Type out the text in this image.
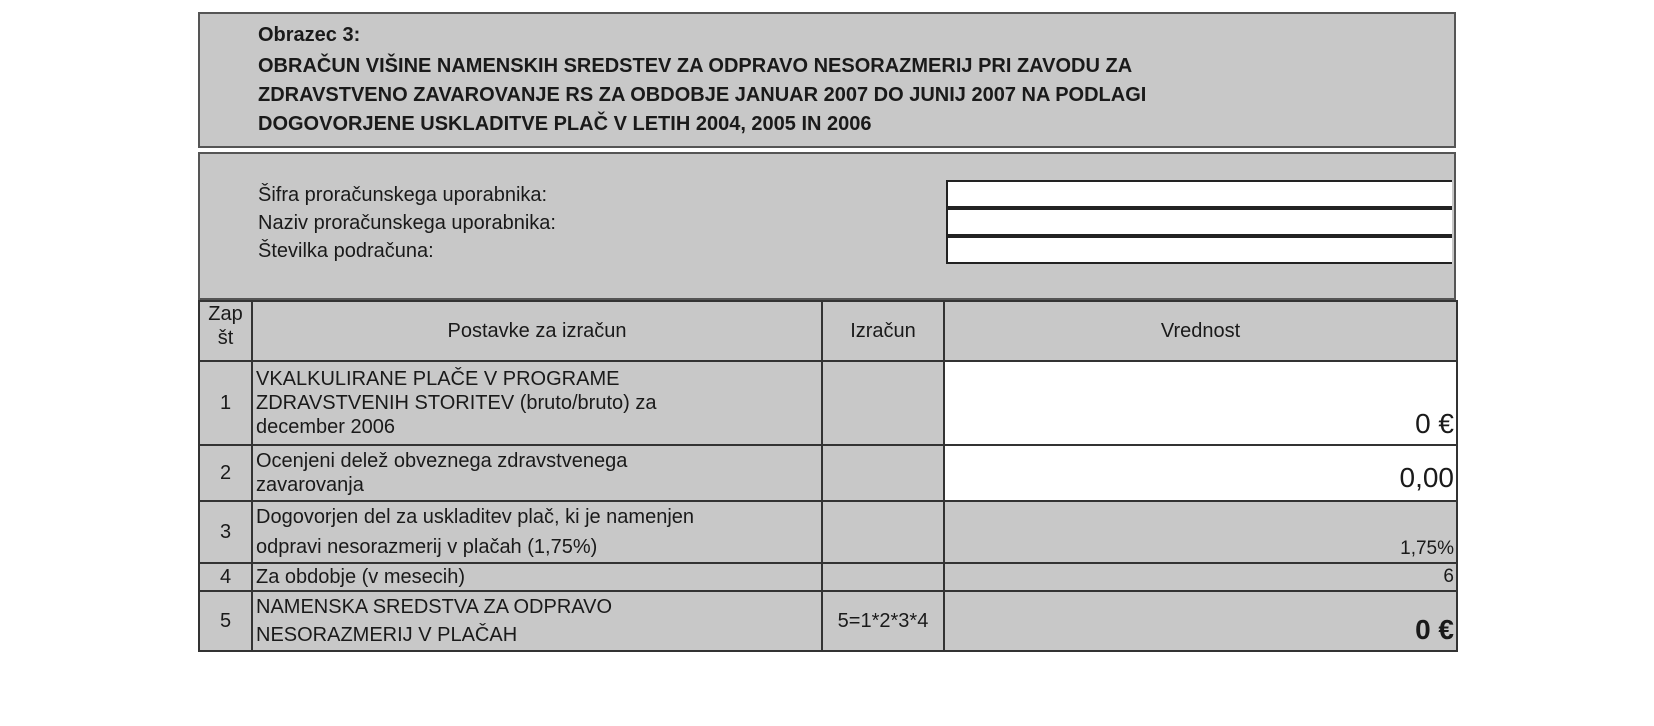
Obrazec 3:
OBRAČUN VIŠINE NAMENSKIH SREDSTEV ZA ODPRAVO NESORAZMERIJ PRI ZAVODU ZA
ZDRAVSTVENO ZAVAROVANJE RS ZA OBDOBJE JANUAR 2007 DO JUNIJ 2007 NA PODLAGI
DOGOVORJENE USKLADITVE PLAČ V LETIH 2004, 2005 IN 2006
Šifra proračunskega uporabnika:
Naziv proračunskega uporabnika:
Številka podračuna:
Zap
št	Postavke za izračun	Izračun	Vrednost
1	VKALKULIRANE PLAČE V PROGRAME
ZDRAVSTVENIH STORITEV (bruto/bruto) za
december 2006		0 €
2	Ocenjeni delež obveznega zdravstvenega
zavarovanja		0,00
3	Dogovorjen del za uskladitev plač, ki je namenjen
odpravi nesorazmerij v plačah (1,75%)		1,75%
4	Za obdobje (v mesecih)		6
5	NAMENSKA SREDSTVA ZA ODPRAVO
NESORAZMERIJ V PLAČAH	5=1*2*3*4	0 €
